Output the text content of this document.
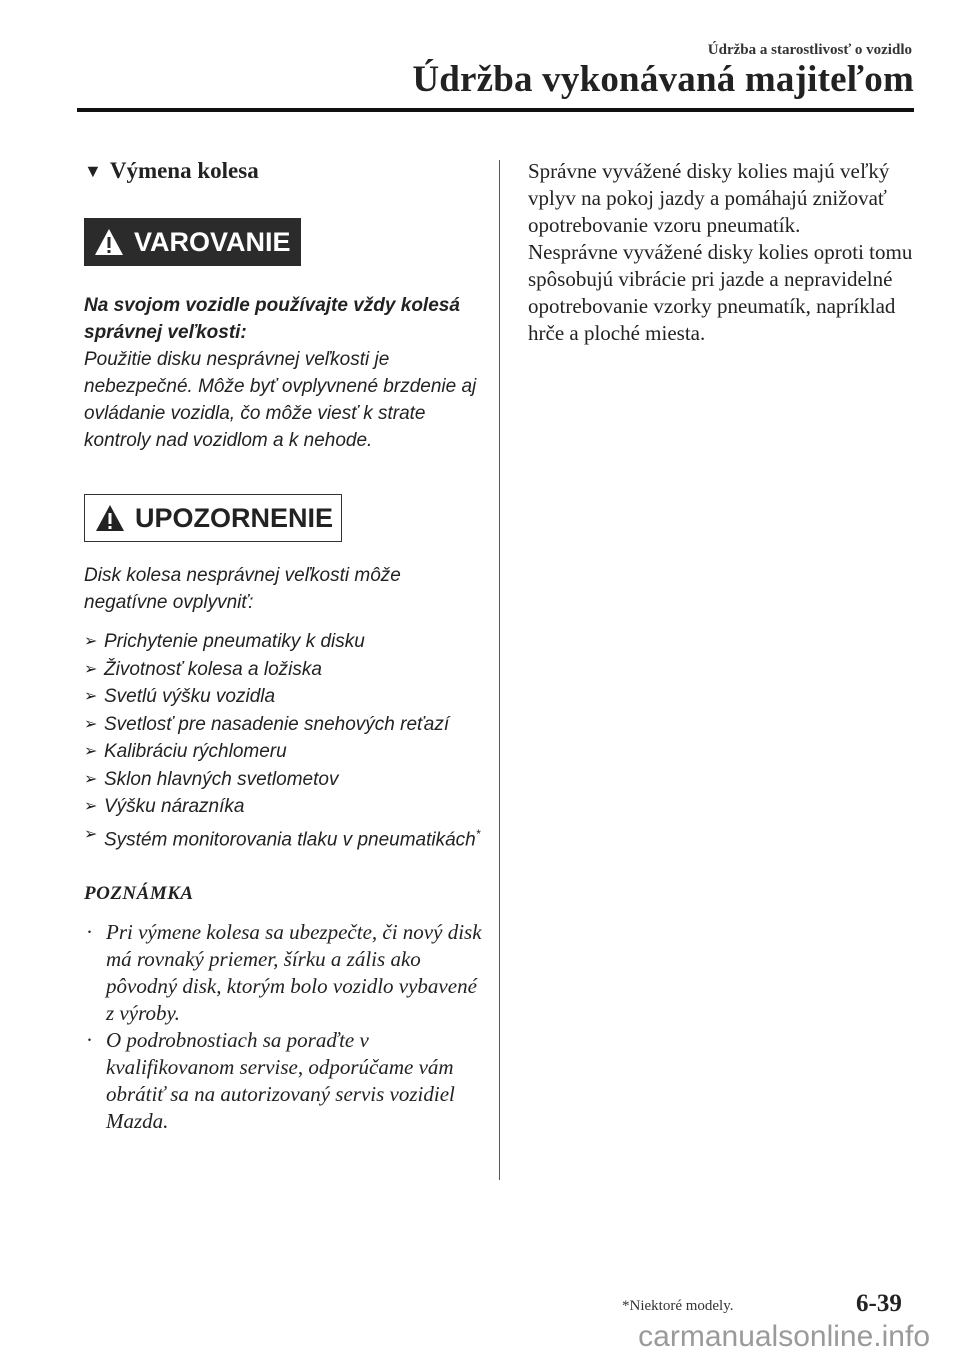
Údržba a starostlivosť o vozidlo
Údržba vykonávaná majiteľom
▼ Výmena kolesa
VAROVANIE

Na svojom vozidle používajte vždy kolesá správnej veľkosti:
Použitie disku nesprávnej veľkosti je nebezpečné. Môže byť ovplyvnené brzdenie aj ovládanie vozidla, čo môže viesť k strate kontroly nad vozidlom a k nehode.

UPOZORNENIE

Disk kolesa nesprávnej veľkosti môže negatívne ovplyvniť:

➢ Prichytenie pneumatiky k disku
➢ Životnosť kolesa a ložiska
➢ Svetlú výšku vozidla
➢ Svetlosť pre nasadenie snehových reťazí
➢ Kalibráciu rýchlomeru
➢ Sklon hlavných svetlometov
➢ Výšku nárazníka
➢ Systém monitorovania tlaku v pneumatikách*
POZNÁMKA
· Pri výmene kolesa sa ubezpečte, či nový disk má rovnaký priemer, šírku a zális ako pôvodný disk, ktorým bolo vozidlo vybavené z výroby.
· O podrobnostiach sa poraďte v kvalifikovanom servise, odporúčame vám obrátiť sa na autorizovaný servis vozidiel Mazda.

Správne vyvážené disky kolies majú veľký vplyv na pokoj jazdy a pomáhajú znižovať opotrebovanie vzoru pneumatík.

Nesprávne vyvážené disky kolies oproti tomu spôsobujú vibrácie pri jazde a nepravidelné opotrebovanie vzorky pneumatík, napríklad hrče a ploché miesta.

*Niektoré modely.	6-39
carmanualsonline.info
